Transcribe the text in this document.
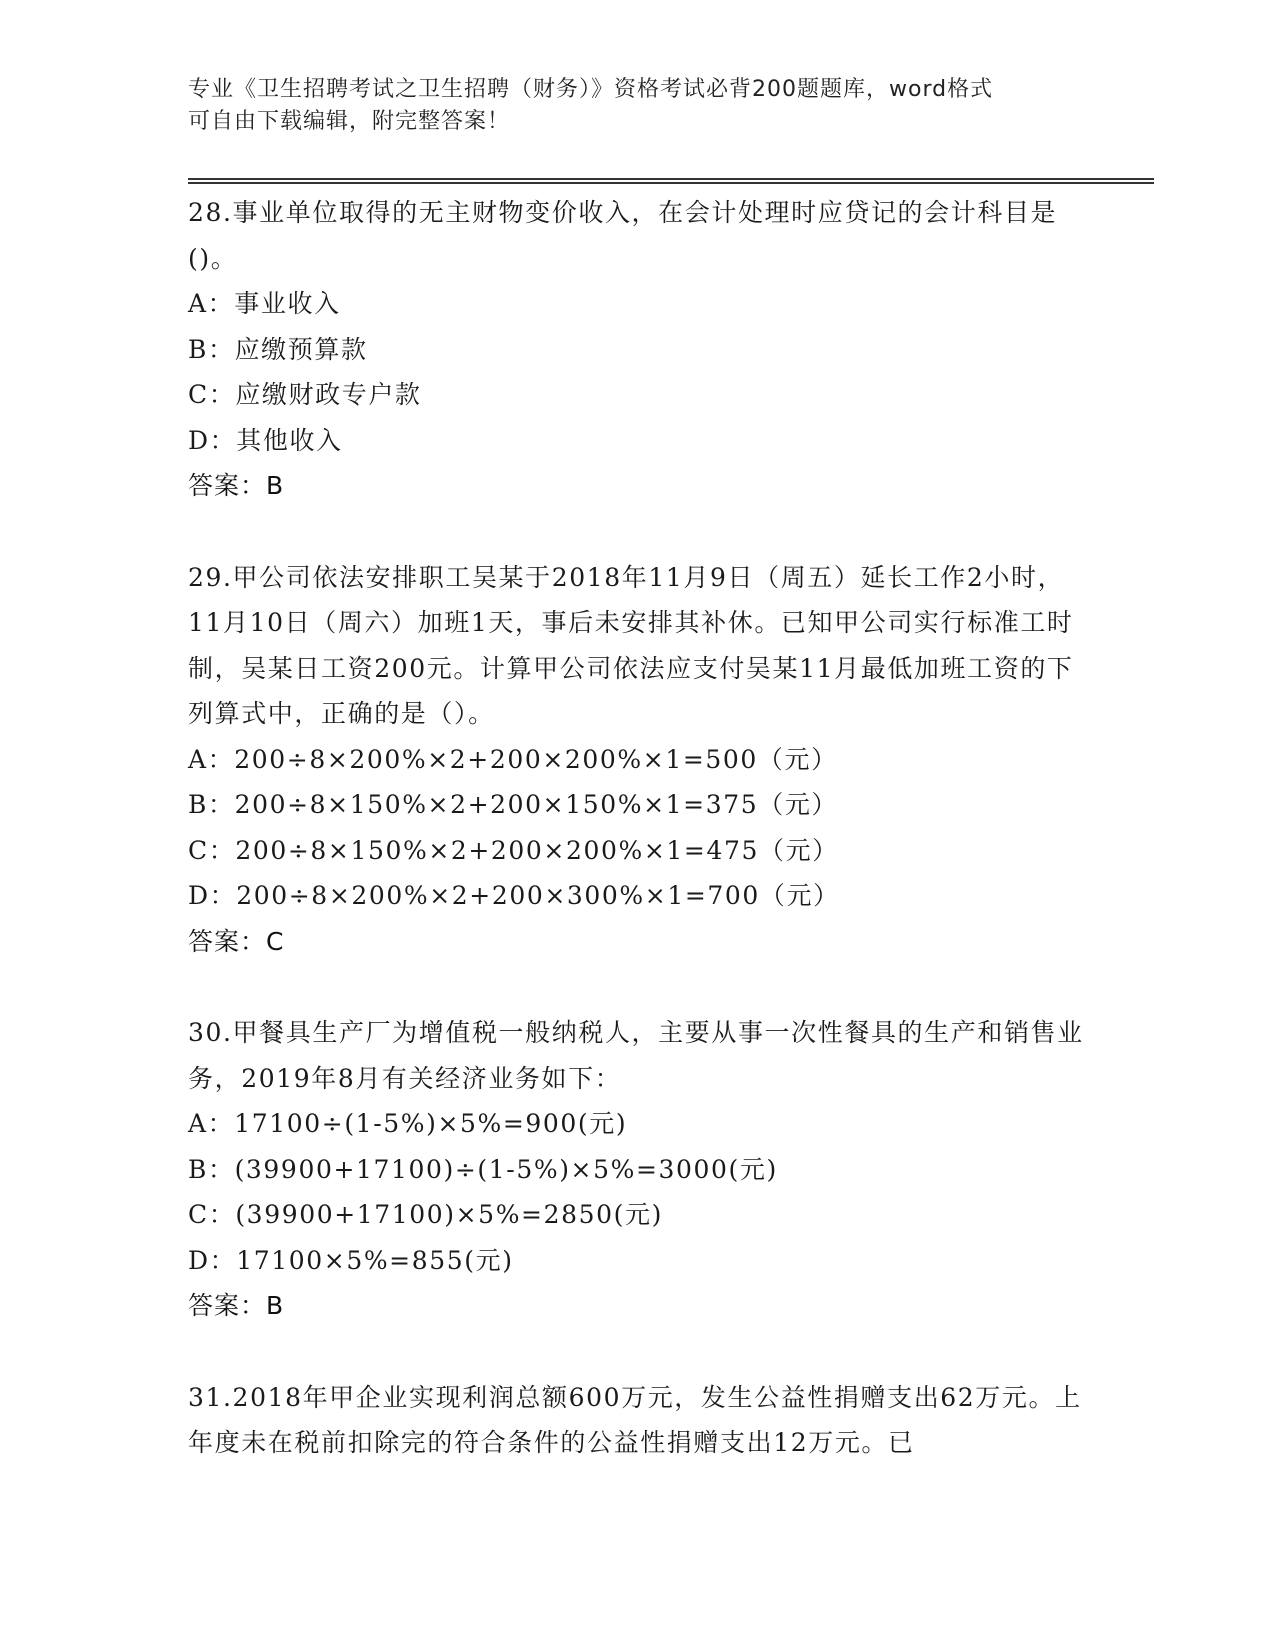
专业《卫生招聘考试之卫生招聘（财务）》资格考试必背200题题库，word格式
可自由下载编辑，附完整答案！
28.事业单位取得的无主财物变价收入，在会计处理时应贷记的会计科目是()。
A：事业收入
B：应缴预算款
C：应缴财政专户款
D：其他收入
答案：B
29.甲公司依法安排职工吴某于2018年11月9日（周五）延长工作2小时，11月10日（周六）加班1天，事后未安排其补休。已知甲公司实行标准工时制，吴某日工资200元。计算甲公司依法应支付吴某11月最低加班工资的下列算式中，正确的是（）。
A：200÷8×200%×2+200×200%×1=500（元）
B：200÷8×150%×2+200×150%×1=375（元）
C：200÷8×150%×2+200×200%×1=475（元）
D：200÷8×200%×2+200×300%×1=700（元）
答案：C
30.甲餐具生产厂为增值税一般纳税人，主要从事一次性餐具的生产和销售业务，2019年8月有关经济业务如下：
A：17100÷(1-5%)×5%=900(元)
B：(39900+17100)÷(1-5%)×5%=3000(元)
C：(39900+17100)×5%=2850(元)
D：17100×5%=855(元)
答案：B
31.2018年甲企业实现利润总额600万元，发生公益性捐赠支出62万元。上年度未在税前扣除完的符合条件的公益性捐赠支出12万元。已
